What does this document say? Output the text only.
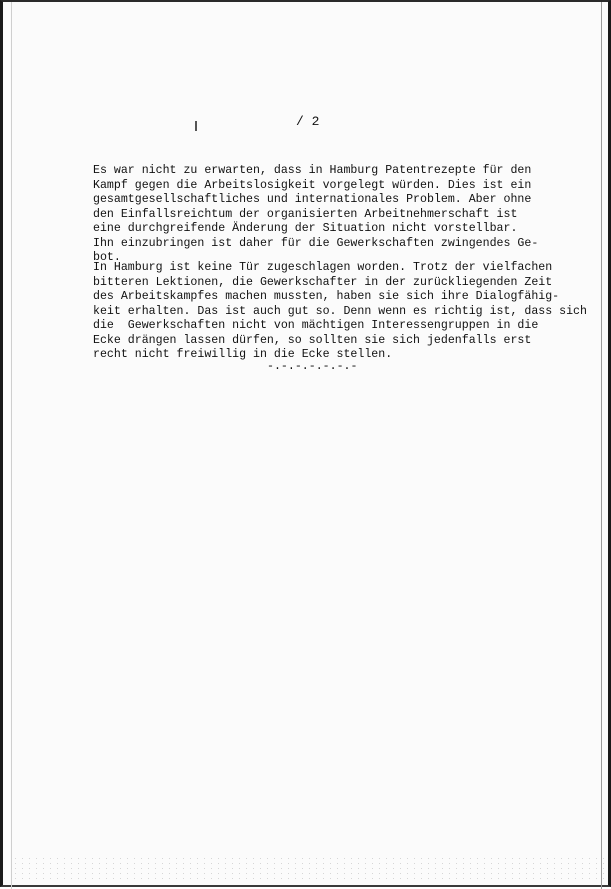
/ 2
Es war nicht zu erwarten, dass in Hamburg Patentrezepte für den
Kampf gegen die Arbeitslosigkeit vorgelegt würden. Dies ist ein
gesamtgesellschaftliches und internationales Problem. Aber ohne
den Einfallsreichtum der organisierten Arbeitnehmerschaft ist
eine durchgreifende Änderung der Situation nicht vorstellbar.
Ihn einzubringen ist daher für die Gewerkschaften zwingendes Ge-
bot.
In Hamburg ist keine Tür zugeschlagen worden. Trotz der vielfachen
bitteren Lektionen, die Gewerkschafter in der zurückliegenden Zeit
des Arbeitskampfes machen mussten, haben sie sich ihre Dialogfähig-
keit erhalten. Das ist auch gut so. Denn wenn es richtig ist, dass sich
die  Gewerkschaften nicht von mächtigen Interessengruppen in die
Ecke drängen lassen dürfen, so sollten sie sich jedenfalls erst
recht nicht freiwillig in die Ecke stellen.
-.-.-.-.-.-.-
